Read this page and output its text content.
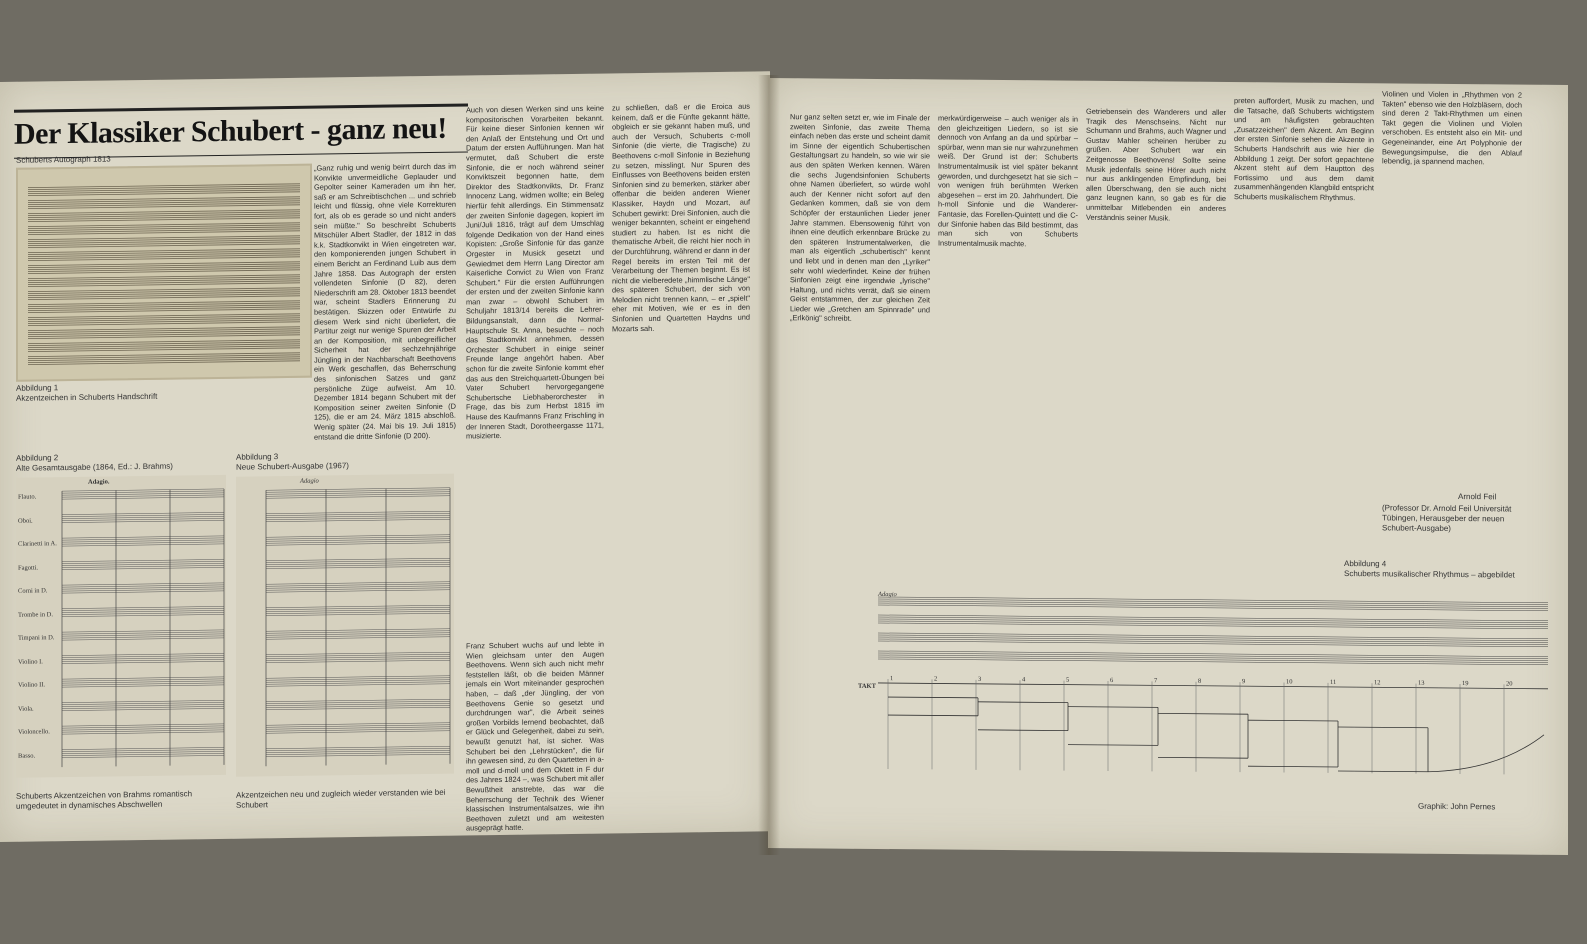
Der Klassiker Schubert - ganz neu!
Schuberts Autograph 1813
Abbildung 1
Akzentzeichen in Schuberts Handschrift
„Ganz ruhig und wenig beirrt durch das im Konvikte unvermeidliche Geplauder und Gepolter seiner Kameraden um ihn her, saß er am Schreibtischchen ... und schrieb leicht und flüssig, ohne viele Korrekturen fort, als ob es gerade so und nicht anders sein müßte." So beschreibt Schuberts Mitschüler Albert Stadler, der 1812 in das k.k. Stadtkonvikt in Wien eingetreten war, den komponierenden jungen Schubert in einem Bericht an Ferdinand Luib aus dem Jahre 1858. Das Autograph der ersten vollendeten Sinfonie (D 82), deren Niederschrift am 28. Oktober 1813 beendet war, scheint Stadlers Erinnerung zu bestätigen. Skizzen oder Entwürfe zu diesem Werk sind nicht überliefert, die Partitur zeigt nur wenige Spuren der Arbeit an der Komposition, mit unbegreiflicher Sicherheit hat der sechzehnjährige Jüngling in der Nachbarschaft Beethovens ein Werk geschaffen, das Beherrschung des sinfonischen Satzes und ganz persönliche Züge aufweist. Am 10. Dezember 1814 begann Schubert mit der Komposition seiner zweiten Sinfonie (D 125), die er am 24. März 1815 abschloß. Wenig später (24. Mai bis 19. Juli 1815) entstand die dritte Sinfonie (D 200).
Auch von diesen Werken sind uns keine kompositorischen Vorarbeiten bekannt. Für keine dieser Sinfonien kennen wir den Anlaß der Entstehung und Ort und Datum der ersten Aufführungen. Man hat vermutet, daß Schubert die erste Sinfonie, die er noch während seiner Konviktszeit begonnen hatte, dem Direktor des Stadtkonvikts, Dr. Franz Innocenz Lang, widmen wollte; ein Beleg hierfür fehlt allerdings. Ein Stimmensatz der zweiten Sinfonie dagegen, kopiert im Juni/Juli 1816, trägt auf dem Umschlag folgende Dedikation von der Hand eines Kopisten: „Große Sinfonie für das ganze Orgester in Musick gesetzt und Gewiedmet dem Herrn Lang Director am Kaiserliche Convict zu Wien von Franz Schubert." Für die ersten Aufführungen der ersten und der zweiten Sinfonie kann man zwar – obwohl Schubert im Schuljahr 1813/14 bereits die Lehrer-Bildungsanstalt, dann die Normal-Hauptschule St. Anna, besuchte – noch das Stadtkonvikt annehmen, dessen Orchester Schubert in einige seiner Freunde lange angehört haben. Aber schon für die zweite Sinfonie kommt eher das aus den Streichquartett-Übungen bei Vater Schubert hervorgegangene Schubertsche Liebhaberorchester in Frage, das bis zum Herbst 1815 im Hause des Kaufmanns Franz Frischling in der Inneren Stadt, Dorotheergasse 1171, musizierte.
Franz Schubert wuchs auf und lebte in Wien gleichsam unter den Augen Beethovens. Wenn sich auch nicht mehr feststellen läßt, ob die beiden Männer jemals ein Wort miteinander gesprochen haben, – daß „der Jüngling, der von Beethovens Genie so gesetzt und durchdrungen war", die Arbeit seines großen Vorbilds lernend beobachtet, daß er Glück und Gelegenheit, dabei zu sein, bewußt genutzt hat, ist sicher. Was Schubert bei den „Lehrstücken", die für ihn gewesen sind, zu den Quartetten in a-moll und d-moll und dem Oktett in F dur des Jahres 1824 –, was Schubert mit aller Bewußtheit anstrebte, das war die Beherrschung der Technik des Wiener klassischen Instrumentalsatzes, wie ihn Beethoven zuletzt und am weitesten ausgeprägt hatte.
zu schließen, daß er die Eroica aus keinem, daß er die Fünfte gekannt hätte, obgleich er sie gekannt haben muß, und auch der Versuch, Schuberts c-moll Sinfonie (die vierte, die Tragische) zu Beethovens c-moll Sinfonie in Beziehung zu setzen, misslingt. Nur Spuren des Einflusses von Beethovens beiden ersten Sinfonien sind zu bemerken, stärker aber offenbar die beiden anderen Wiener Klassiker, Haydn und Mozart, auf Schubert gewirkt: Drei Sinfonien, auch die weniger bekannten, scheint er eingehend studiert zu haben. Ist es nicht die thematische Arbeit, die reicht hier noch in der Durchführung, während er dann in der Regel bereits im ersten Teil mit der Verarbeitung der Themen beginnt. Es ist nicht die vielberedete „himmlische Länge" des späteren Schubert, der sich von Melodien nicht trennen kann, – er „spielt" eher mit Motiven, wie er es in den Sinfonien und Quartetten Haydns und Mozarts sah.
Abbildung 2
Alte Gesamtausgabe (1864, Ed.: J. Brahms)
Adagio.
Flauto.
Oboi.
Clarinetti in A.
Fagotti.
Corni in D.
Trombe in D.
Timpani in D.
Violino I.
Violino II.
Viola.
Violoncello.
Basso.
Schuberts Akzentzeichen von Brahms romantisch umgedeutet in dynamisches Abschwellen
Abbildung 3
Neue Schubert-Ausgabe (1967)
Adagio
Akzentzeichen neu und zugleich wieder verstanden wie bei Schubert
Nur ganz selten setzt er, wie im Finale der zweiten Sinfonie, das zweite Thema einfach neben das erste und scheint damit im Sinne der eigentlich Schubertischen Gestaltungsart zu handeln, so wie wir sie aus den späten Werken kennen. Wären die sechs Jugendsinfonien Schuberts ohne Namen überliefert, so würde wohl auch der Kenner nicht sofort auf den Gedanken kommen, daß sie von dem Schöpfer der erstaunlichen Lieder jener Jahre stammen. Ebensowenig führt von ihnen eine deutlich erkennbare Brücke zu den späteren Instrumentalwerken, die man als eigentlich „schubertisch" kennt und liebt und in denen man den „Lyriker" sehr wohl wiederfindet. Keine der frühen Sinfonien zeigt eine irgendwie „lyrische" Haltung, und nichts verrät, daß sie einem Geist entstammen, der zur gleichen Zeit Lieder wie „Gretchen am Spinnrade" und „Erlkönig" schreibt.
merkwürdigerweise – auch weniger als in den gleichzeitigen Liedern, so ist sie dennoch von Anfang an da und spürbar – spürbar, wenn man sie nur wahrzunehmen weiß. Der Grund ist der: Schuberts Instrumentalmusik ist viel später bekannt geworden, und durchgesetzt hat sie sich – von wenigen früh berühmten Werken abgesehen – erst im 20. Jahrhundert. Die h-moll Sinfonie und die Wanderer-Fantasie, das Forellen-Quintett und die C-dur Sinfonie haben das Bild bestimmt, das man sich von Schuberts Instrumentalmusik machte.
Getriebensein des Wanderers und aller Tragik des Menschseins. Nicht nur Schumann und Brahms, auch Wagner und Gustav Mahler scheinen herüber zu grüßen. Aber Schubert war ein Zeitgenosse Beethovens! Sollte seine Musik jedenfalls seine Hörer auch nicht nur aus anklingenden Empfindung, bei allen Überschwang, den sie auch nicht ganz leugnen kann, so gab es für die unmittelbar Mitlebenden ein anderes Verständnis seiner Musik.
preten auffordert, Musik zu machen, und die Tatsache, daß Schuberts wichtigstem und am häufigsten gebrauchten „Zusatzzeichen" dem Akzent. Am Beginn der ersten Sinfonie sehen die Akzente in Schuberts Handschrift aus wie hier die Abbildung 1 zeigt. Der sofort gepachtene Akzent steht auf dem Hauptton des Fortissimo und aus dem damit zusammenhängenden Klangbild entspricht Schuberts musikalischem Rhythmus.
Violinen und Violen in „Rhythmen von 2 Takten" ebenso wie den Holzbläsern, doch sind deren 2 Takt-Rhythmen um einen Takt gegen die Violinen und Violen verschoben. Es entsteht also ein Mit- und Gegeneinander, eine Art Polyphonie der Bewegungsimpulse, die den Ablauf lebendig, ja spannend machen.
Arnold Feil
(Professor Dr. Arnold Feil Universität Tübingen, Herausgeber der neuen Schubert-Ausgabe)
Abbildung 4
Schuberts musikalischer Rhythmus – abgebildet
Adagio
TAKT
1	2	3	4	5	6	7	8	9	10	11	12	13	19	20
Graphik: John Pernes
